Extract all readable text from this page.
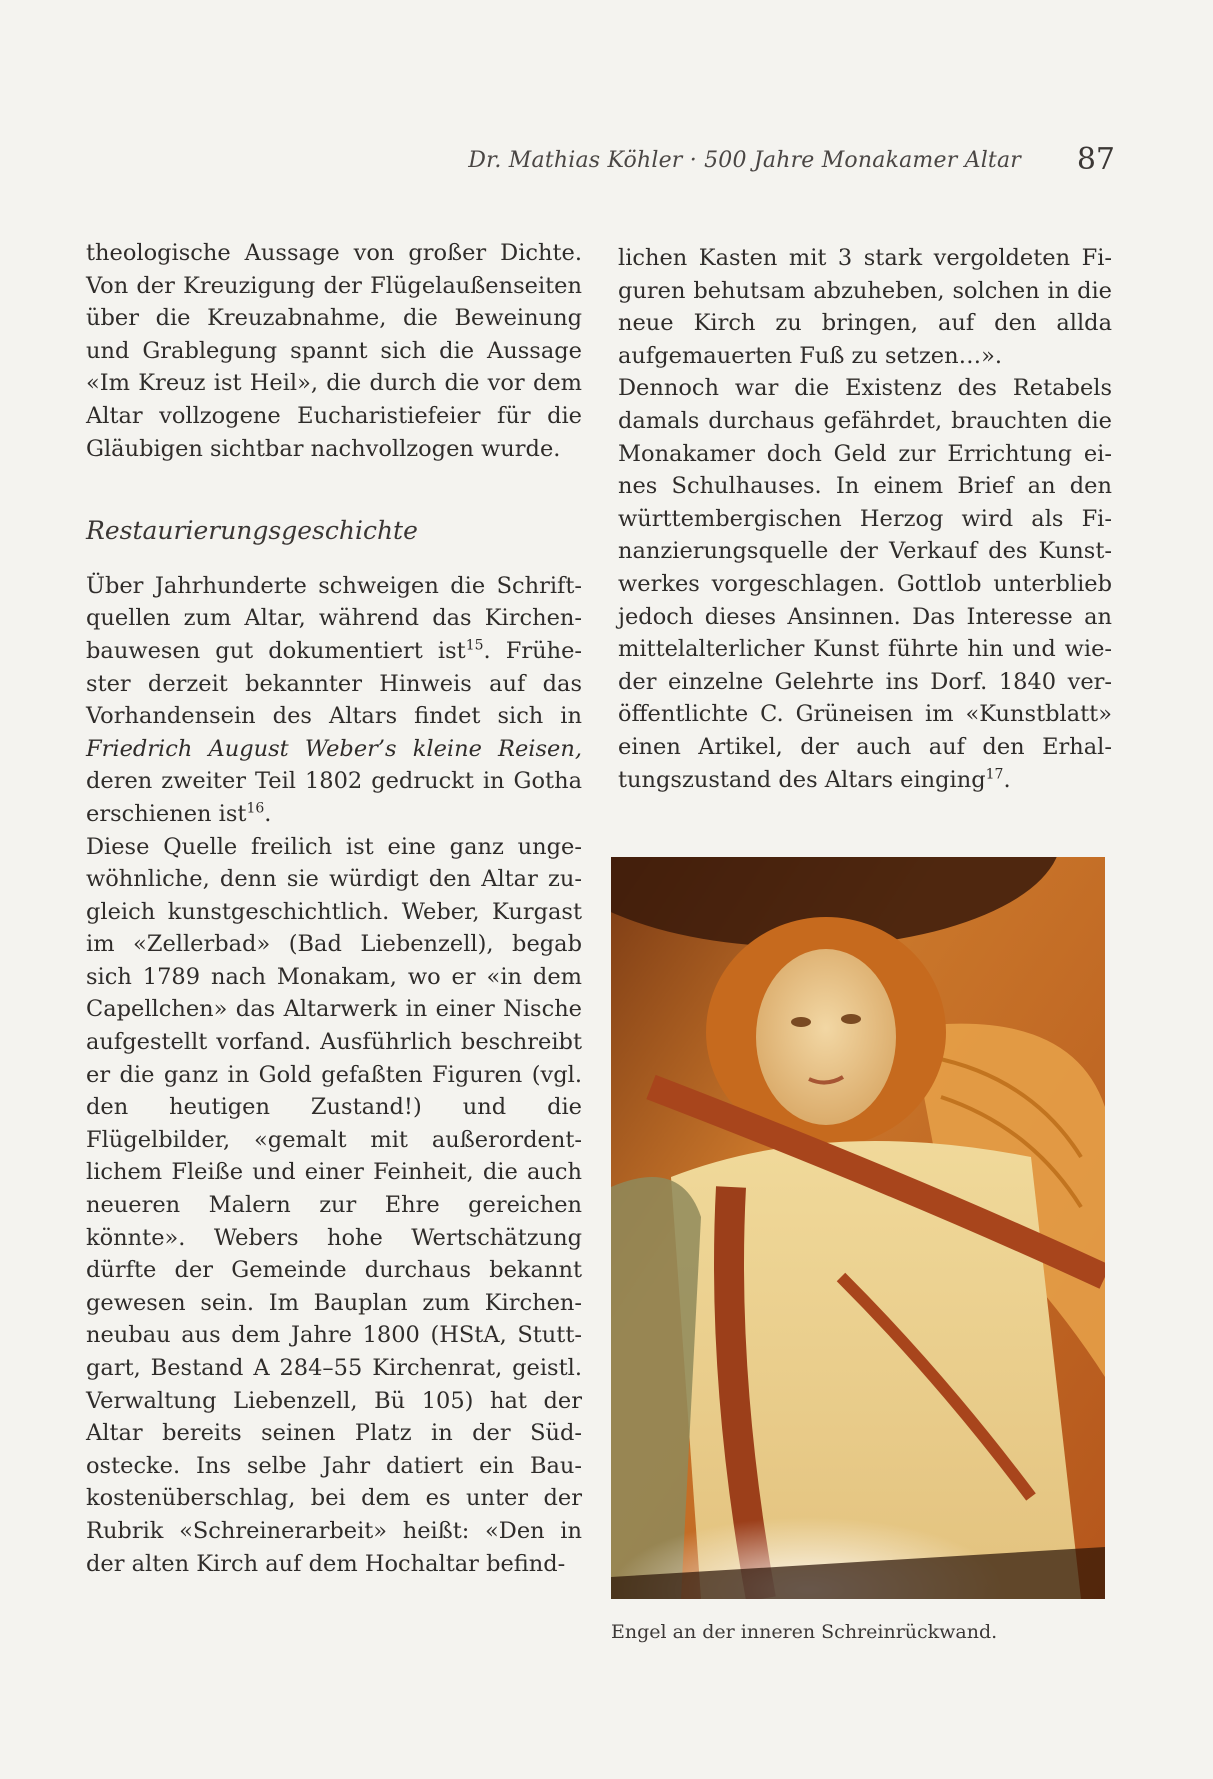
Dr. Mathias Köhler · 500 Jahre Monakamer Altar 87

theologische Aussage von großer Dichte. Von der Kreuzigung der Flügelaußenseiten über die Kreuzabnahme, die Beweinung und Grablegung spannt sich die Aussage «Im Kreuz ist Heil», die durch die vor dem Altar vollzogene Eucharistiefeier für die Gläubigen sichtbar nachvollzogen wurde.

Restaurierungsgeschichte

Über Jahrhunderte schweigen die Schriftquellen zum Altar, während das Kirchenbauwesen gut dokumentiert ist$^{15}$. Frühester derzeit bekannter Hinweis auf das Vorhandensein des Altars findet sich in Friedrich August Weber’s kleine Reisen, deren zweiter Teil 1802 gedruckt in Gotha erschienen ist$^{16}$.

Diese Quelle freilich ist eine ganz ungewöhnliche, denn sie würdigt den Altar zugleich kunstgeschichtlich. Weber, Kurgast im «Zellerbad» (Bad Liebenzell), begab sich 1789 nach Monakam, wo er «in dem Capellchen» das Altarwerk in einer Nische aufgestellt vorfand. Ausführlich beschreibt er die ganz in Gold gefaßten Figuren (vgl. den heutigen Zustand!) und die Flügelbilder, «gemalt mit außerordentlichem Fleiße und einer Feinheit, die auch neueren Malern zur Ehre gereichen könnte». Webers hohe Wertschätzung dürfte der Gemeinde durchaus bekannt gewesen sein. Im Bauplan zum Kirchenneubau aus dem Jahre 1800 (HStA, Stuttgart, Bestand A 284–55 Kirchenrat, geistl. Verwaltung Liebenzell, Bü 105) hat der Altar bereits seinen Platz in der Südostecke. Ins selbe Jahr datiert ein Baukostenüberschlag, bei dem es unter der Rubrik «Schreinerarbeit» heißt: «Den in der alten Kirch auf dem Hochaltar befind-

lichen Kasten mit 3 stark vergoldeten Figuren behutsam abzuheben, solchen in die neue Kirch zu bringen, auf den allda aufgemauerten Fuß zu setzen…».

Dennoch war die Existenz des Retabels damals durchaus gefährdet, brauchten die Monakamer doch Geld zur Errichtung eines Schulhauses. In einem Brief an den württembergischen Herzog wird als Finanzierungsquelle der Verkauf des Kunstwerkes vorgeschlagen. Gottlob unterblieb jedoch dieses Ansinnen. Das Interesse an mittelalterlicher Kunst führte hin und wieder einzelne Gelehrte ins Dorf. 1840 veröffentlichte C. Grüneisen im «Kunstblatt» einen Artikel, der auch auf den Erhaltungszustand des Altars einging$^{17}$.

Engel an der inneren Schreinrückwand.
